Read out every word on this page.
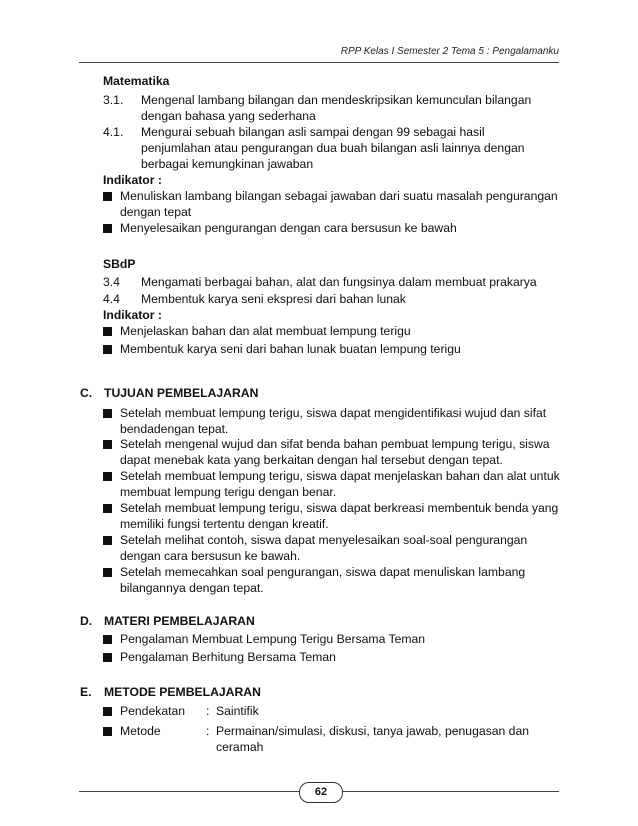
RPP Kelas I Semester 2 Tema 5 : Pengalamanku
Matematika
3.1. Mengenal lambang bilangan dan mendeskripsikan kemunculan bilangan dengan bahasa yang sederhana
4.1. Mengurai sebuah bilangan asli sampai dengan 99 sebagai hasil penjumlahan atau pengurangan dua buah bilangan asli lainnya dengan berbagai kemungkinan jawaban
Indikator :
Menuliskan lambang bilangan sebagai jawaban dari suatu masalah pengurangan dengan tepat
Menyelesaikan pengurangan dengan cara bersusun ke bawah
SBdP
3.4 Mengamati berbagai bahan, alat dan fungsinya dalam membuat prakarya
4.4 Membentuk karya seni ekspresi dari bahan lunak
Indikator :
Menjelaskan bahan dan alat membuat lempung terigu
Membentuk karya seni dari bahan lunak buatan lempung terigu
C. TUJUAN PEMBELAJARAN
Setelah membuat lempung terigu, siswa dapat mengidentifikasi wujud dan sifat bendadengan tepat.
Setelah mengenal wujud dan sifat benda bahan pembuat lempung terigu, siswa dapat menebak kata yang berkaitan dengan hal tersebut dengan tepat.
Setelah membuat lempung terigu, siswa dapat menjelaskan bahan dan alat untuk membuat lempung terigu dengan benar.
Setelah membuat lempung terigu, siswa dapat berkreasi membentuk benda yang memiliki fungsi tertentu dengan kreatif.
Setelah melihat contoh, siswa dapat menyelesaikan soal-soal pengurangan dengan cara bersusun ke bawah.
Setelah memecahkan soal pengurangan, siswa dapat menuliskan lambang bilangannya dengan tepat.
D. MATERI PEMBELAJARAN
Pengalaman Membuat Lempung Terigu Bersama Teman
Pengalaman Berhitung Bersama Teman
E. METODE PEMBELAJARAN
Pendekatan : Saintifik
Metode	: Permainan/simulasi, diskusi, tanya jawab, penugasan dan ceramah
62
